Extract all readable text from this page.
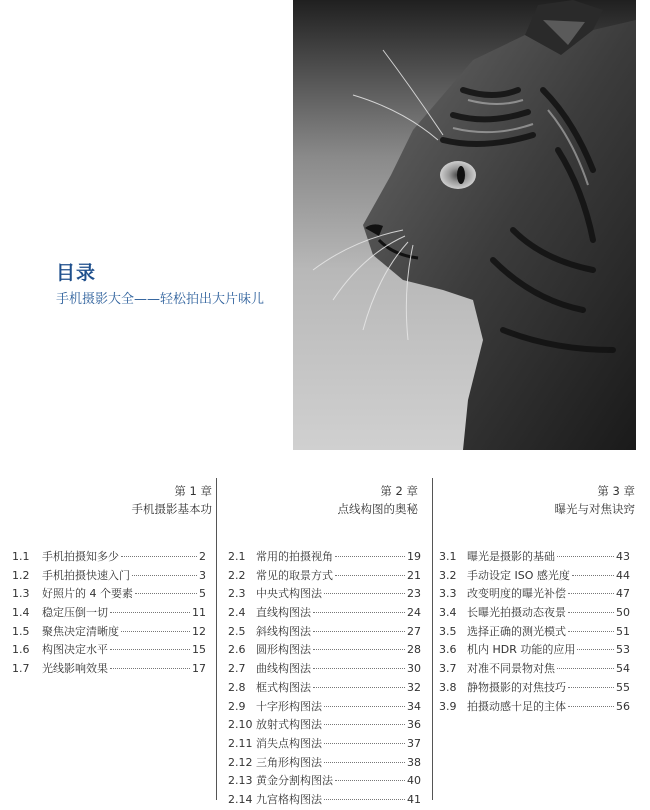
目录

手机摄影大全——轻松拍出大片味儿

第 1 章
手机摄影基本功
1.1	手机拍摄知多少	2
1.2	手机拍摄快速入门	3
1.3	好照片的 4 个要素	5
1.4	稳定压倒一切	11
1.5	聚焦决定清晰度	12
1.6	构图决定水平	15
1.7	光线影响效果	17
第 2 章
点线构图的奥秘
2.1 常用的拍摄视角	19
2.2 常见的取景方式	21
2.3 中央式构图法	23
2.4 直线构图法	24
2.5 斜线构图法	27
2.6 圆形构图法	28
2.7 曲线构图法	30
2.8 框式构图法	32
2.9 十字形构图法	34
2.10 放射式构图法	36
2.11 消失点构图法	37
2.12 三角形构图法	38
2.13 黄金分割构图法	40
2.14 九宫格构图法	41
第 3 章
曝光与对焦诀窍
3.1 曝光是摄影的基础	43
3.2 手动设定 ISO 感光度	44
3.3 改变明度的曝光补偿	47
3.4 长曝光拍摄动态夜景	50
3.5 选择正确的测光模式	51
3.6 机内 HDR 功能的应用	53
3.7 对准不同景物对焦	54
3.8 静物摄影的对焦技巧	55
3.9 拍摄动感十足的主体	56
